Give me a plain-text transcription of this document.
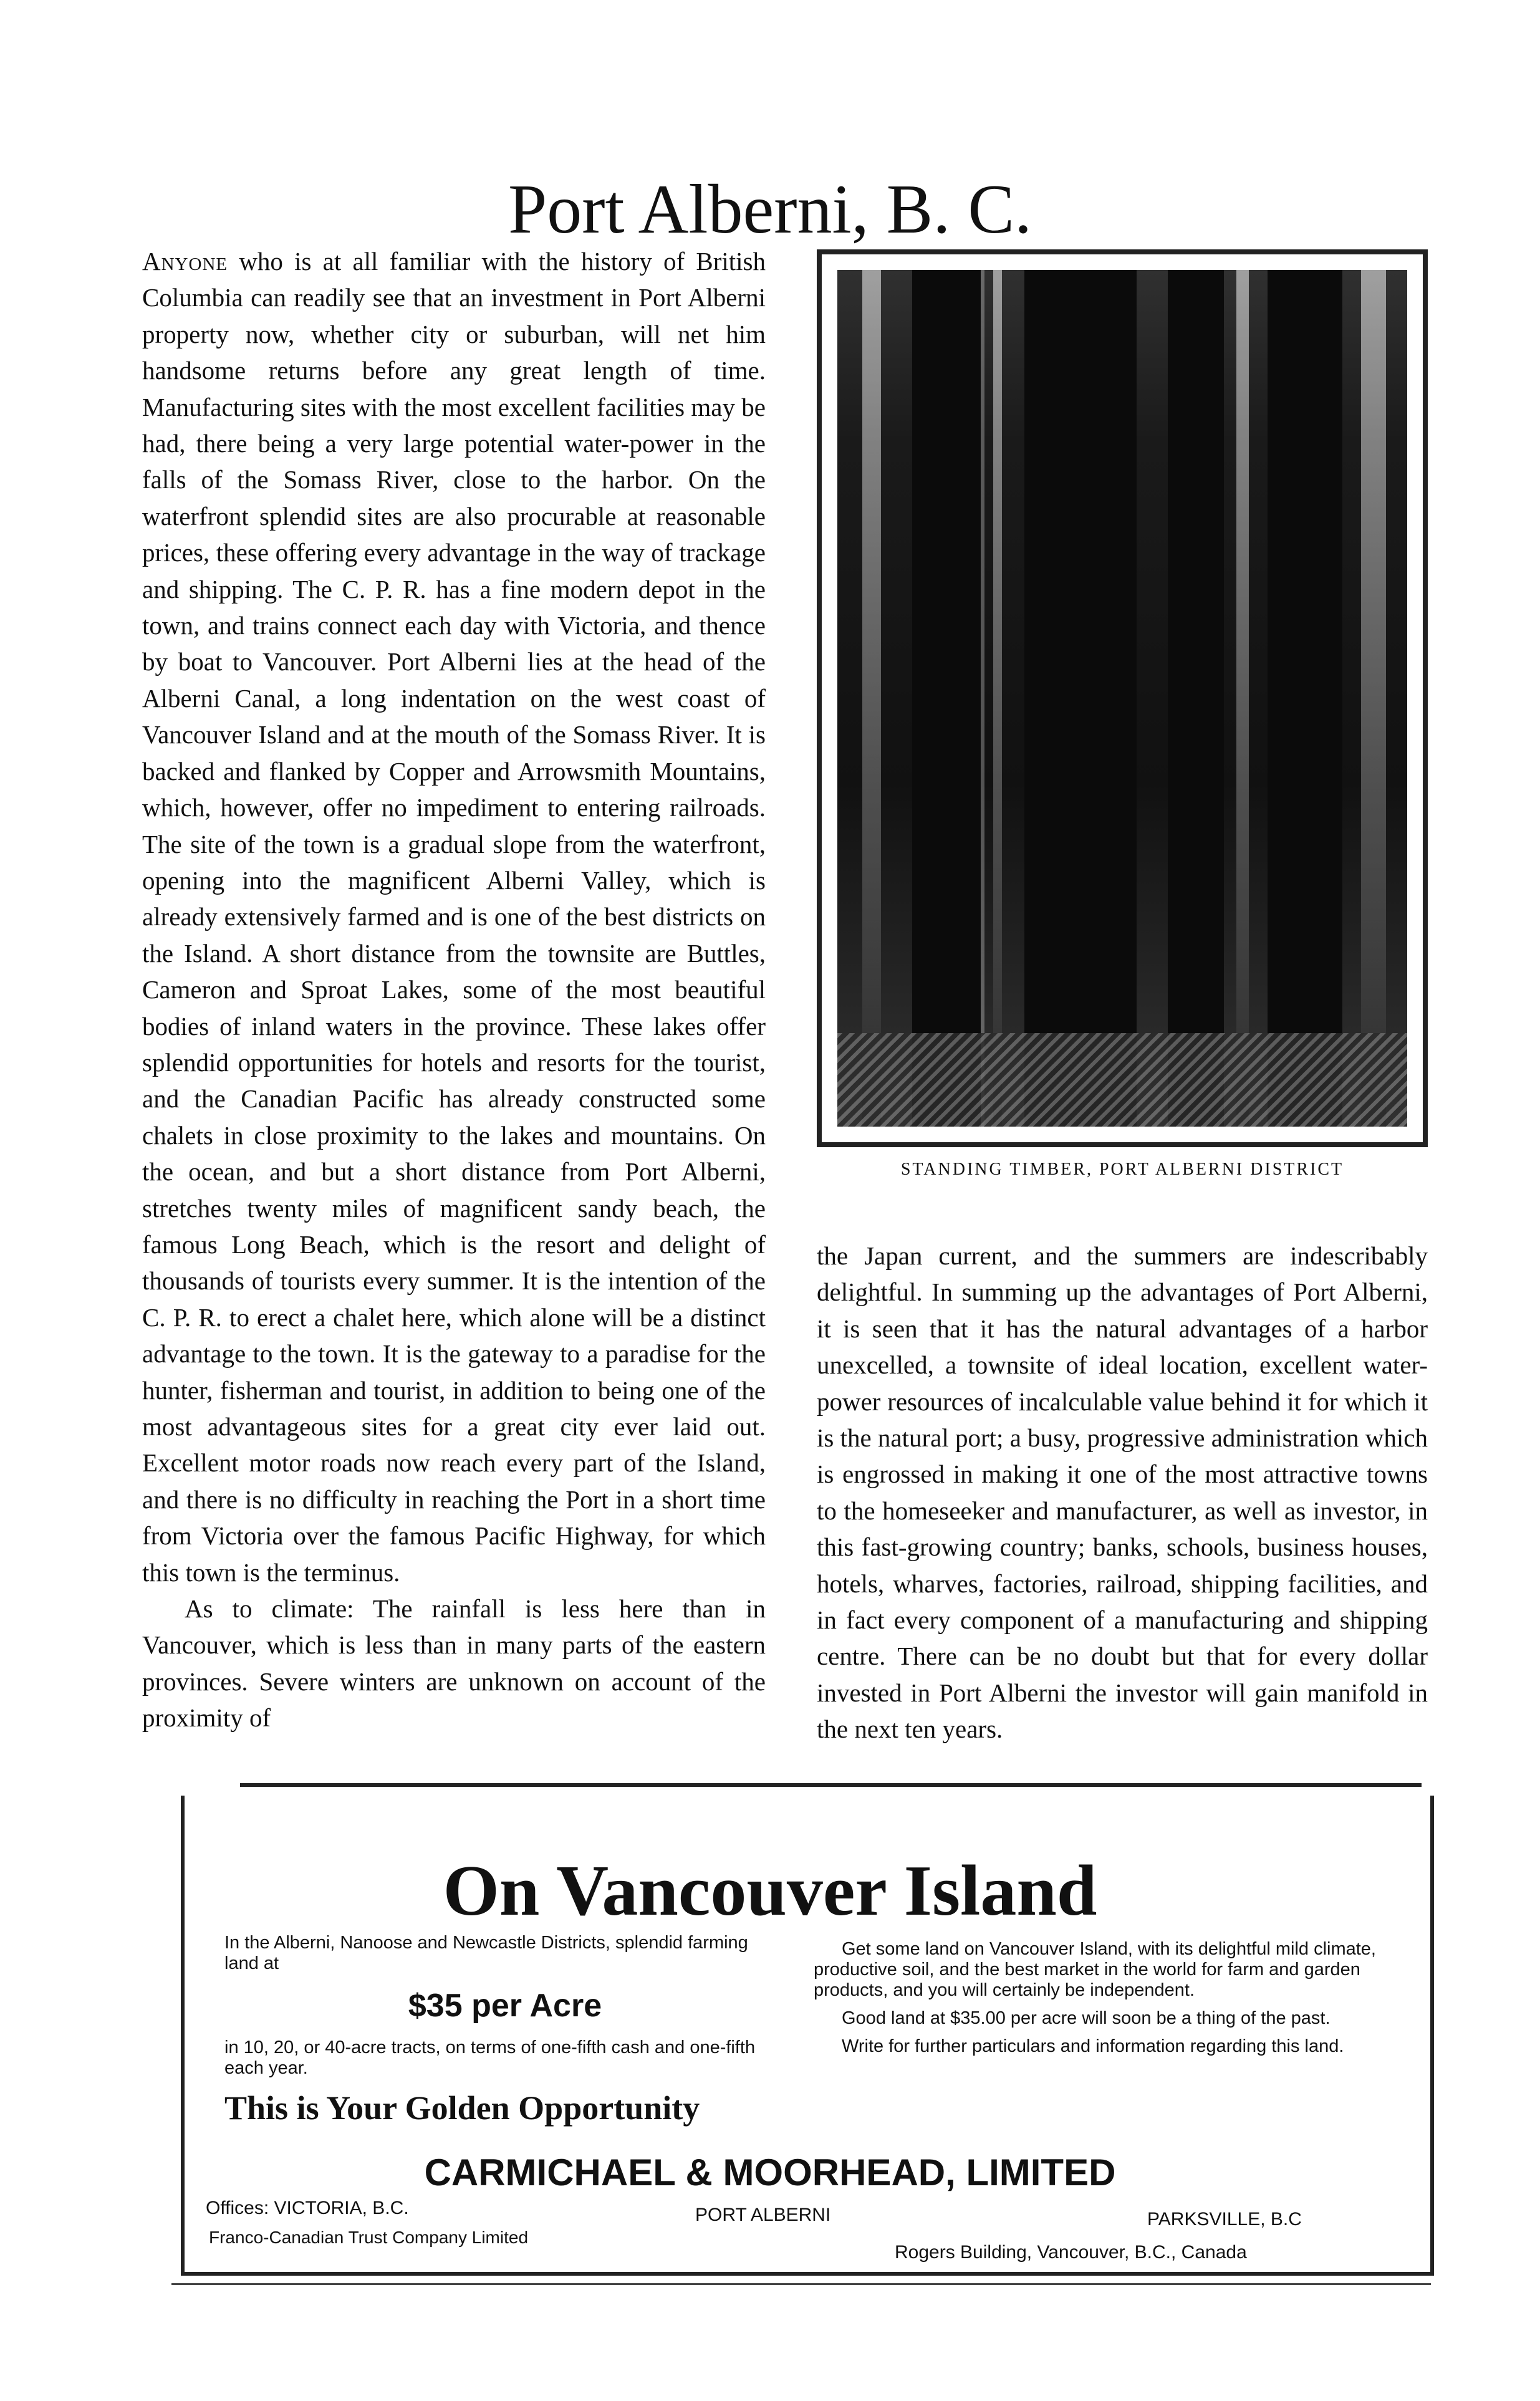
Port Alberni, B. C.

Anyone who is at all familiar with the history of British Columbia can readily see that an investment in Port Alberni property now, whether city or suburban, will net him handsome returns before any great length of time. Manufacturing sites with the most excellent facilities may be had, there being a very large potential water-power in the falls of the Somass River, close to the harbor. On the waterfront splendid sites are also procurable at reasonable prices, these offering every advantage in the way of trackage and shipping. The C. P. R. has a fine modern depot in the town, and trains connect each day with Victoria, and thence by boat to Vancouver. Port Alberni lies at the head of the Alberni Canal, a long indentation on the west coast of Vancouver Island and at the mouth of the Somass River. It is backed and flanked by Copper and Arrowsmith Mountains, which, however, offer no impediment to entering railroads. The site of the town is a gradual slope from the waterfront, opening into the magnificent Alberni Valley, which is already extensively farmed and is one of the best districts on the Island. A short distance from the townsite are Buttles, Cameron and Sproat Lakes, some of the most beautiful bodies of inland waters in the province. These lakes offer splendid opportunities for hotels and resorts for the tourist, and the Canadian Pacific has already constructed some chalets in close proximity to the lakes and mountains. On the ocean, and but a short distance from Port Alberni, stretches twenty miles of magnificent sandy beach, the famous Long Beach, which is the resort and delight of thousands of tourists every summer. It is the intention of the C. P. R. to erect a chalet here, which alone will be a distinct advantage to the town. It is the gateway to a paradise for the hunter, fisherman and tourist, in addition to being one of the most advantageous sites for a great city ever laid out. Excellent motor roads now reach every part of the Island, and there is no difficulty in reaching the Port in a short time from Victoria over the famous Pacific Highway, for which this town is the terminus.

As to climate: The rainfall is less here than in Vancouver, which is less than in many parts of the eastern provinces. Severe winters are unknown on account of the proximity of

STANDING TIMBER, PORT ALBERNI DISTRICT

the Japan current, and the summers are indescribably delightful. In summing up the advantages of Port Alberni, it is seen that it has the natural advantages of a harbor unexcelled, a townsite of ideal location, excellent water-power resources of incalculable value behind it for which it is the natural port; a busy, progressive administration which is engrossed in making it one of the most attractive towns to the homeseeker and manufacturer, as well as investor, in this fast-growing country; banks, schools, business houses, hotels, wharves, factories, railroad, shipping facilities, and in fact every component of a manufacturing and shipping centre. There can be no doubt but that for every dollar invested in Port Alberni the investor will gain manifold in the next ten years.

On Vancouver Island
In the Alberni, Nanoose and Newcastle Districts, splendid farming land at
$35 per Acre
in 10, 20, or 40-acre tracts, on terms of one-fifth cash and one-fifth each year.
This is Your Golden Opportunity

Get some land on Vancouver Island, with its delightful mild climate, productive soil, and the best market in the world for farm and garden products, and you will certainly be independent.

Good land at $35.00 per acre will soon be a thing of the past.

Write for further particulars and information regarding this land.

CARMICHAEL & MOORHEAD, LIMITED
Offices: VICTORIA, B.C.	PORT ALBERNI	PARKSVILLE, B.C
Franco-Canadian Trust Company Limited
Rogers Building, Vancouver, B.C., Canada
